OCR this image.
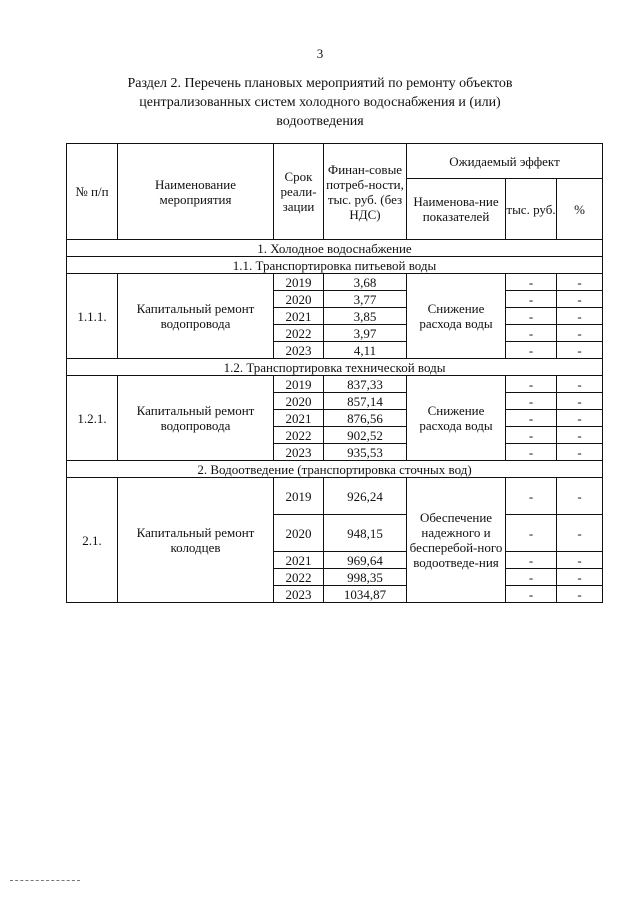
3
Раздел 2. Перечень плановых мероприятий по ремонту объектов
централизованных систем холодного водоснабжения и (или)
водоотведения
№ п/п	Наименование мероприятия	Срок реали-зации	Финан-совые потреб-ности, тыс. руб. (без НДС)	Ожидаемый эффект		
				Наименова-ние показателей	тыс. руб.	%
1. Холодное водоснабжение						
1.1. Транспортировка питьевой воды						
1.1.1.	Капитальный ремонт водопровода	2019	3,68	Снижение расхода воды	-	-
		2020	3,77		-	-
		2021	3,85		-	-
		2022	3,97		-	-
		2023	4,11		-	-
1.2. Транспортировка технической воды						
1.2.1.	Капитальный ремонт водопровода	2019	837,33	Снижение расхода воды	-	-
		2020	857,14		-	-
		2021	876,56		-	-
		2022	902,52		-	-
		2023	935,53		-	-
2. Водоотведение (транспортировка сточных вод)						
2.1.	Капитальный ремонт колодцев	2019	926,24	Обеспечение надежного и бесперебой-ного водоотведе-ния	-	-
		2020	948,15		-	-
		2021	969,64		-	-
		2022	998,35		-	-
		2023	1034,87		-	-
